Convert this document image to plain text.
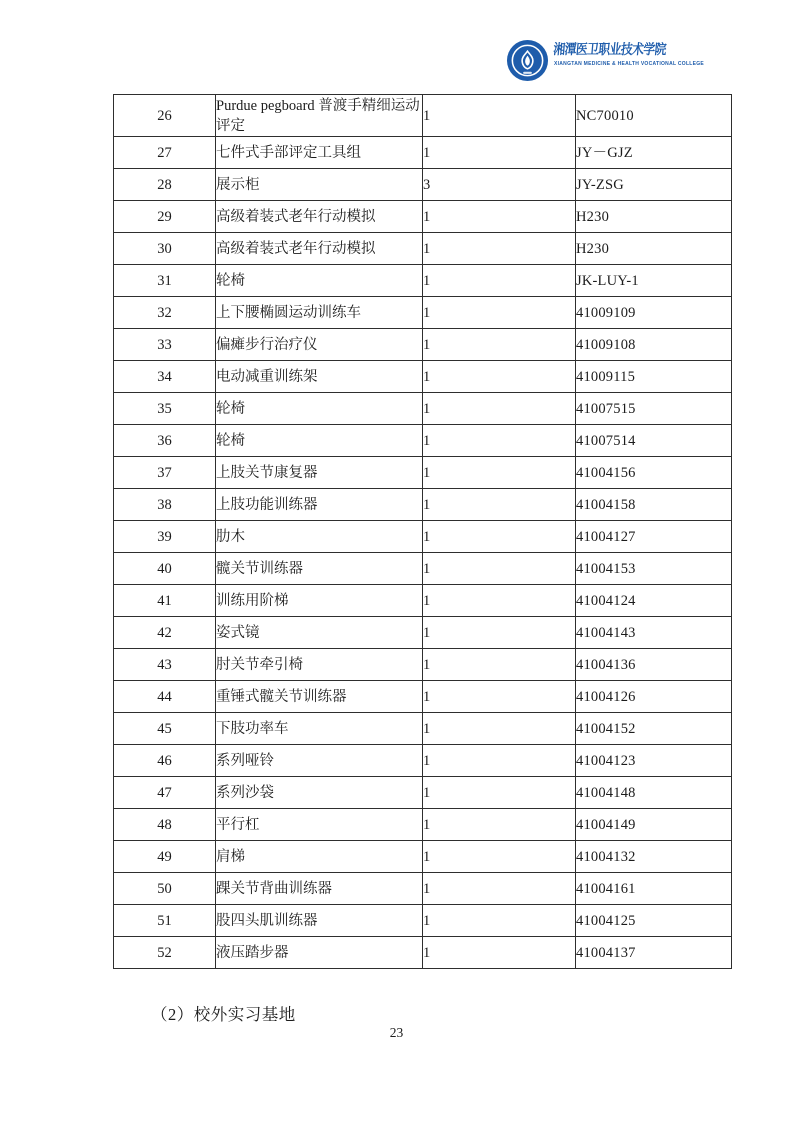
湘潭医卫职业技术学院
XIANGTAN MEDICINE & HEALTH VOCATIONAL COLLEGE
26	Purdue pegboard 普渡手精细运动评定	1	NC70010
27	七件式手部评定工具组	1	JY－GJZ
28	展示柜	3	JY-ZSG
29	高级着装式老年行动模拟	1	H230
30	高级着装式老年行动模拟	1	H230
31	轮椅	1	JK-LUY-1
32	上下腰椭圆运动训练车	1	41009109
33	偏瘫步行治疗仪	1	41009108
34	电动减重训练架	1	41009115
35	轮椅	1	41007515
36	轮椅	1	41007514
37	上肢关节康复器	1	41004156
38	上肢功能训练器	1	41004158
39	肋木	1	41004127
40	髋关节训练器	1	41004153
41	训练用阶梯	1	41004124
42	姿式镜	1	41004143
43	肘关节牵引椅	1	41004136
44	重锤式髋关节训练器	1	41004126
45	下肢功率车	1	41004152
46	系列哑铃	1	41004123
47	系列沙袋	1	41004148
48	平行杠	1	41004149
49	肩梯	1	41004132
50	踝关节背曲训练器	1	41004161
51	股四头肌训练器	1	41004125
52	液压踏步器	1	41004137
（2）校外实习基地
23
